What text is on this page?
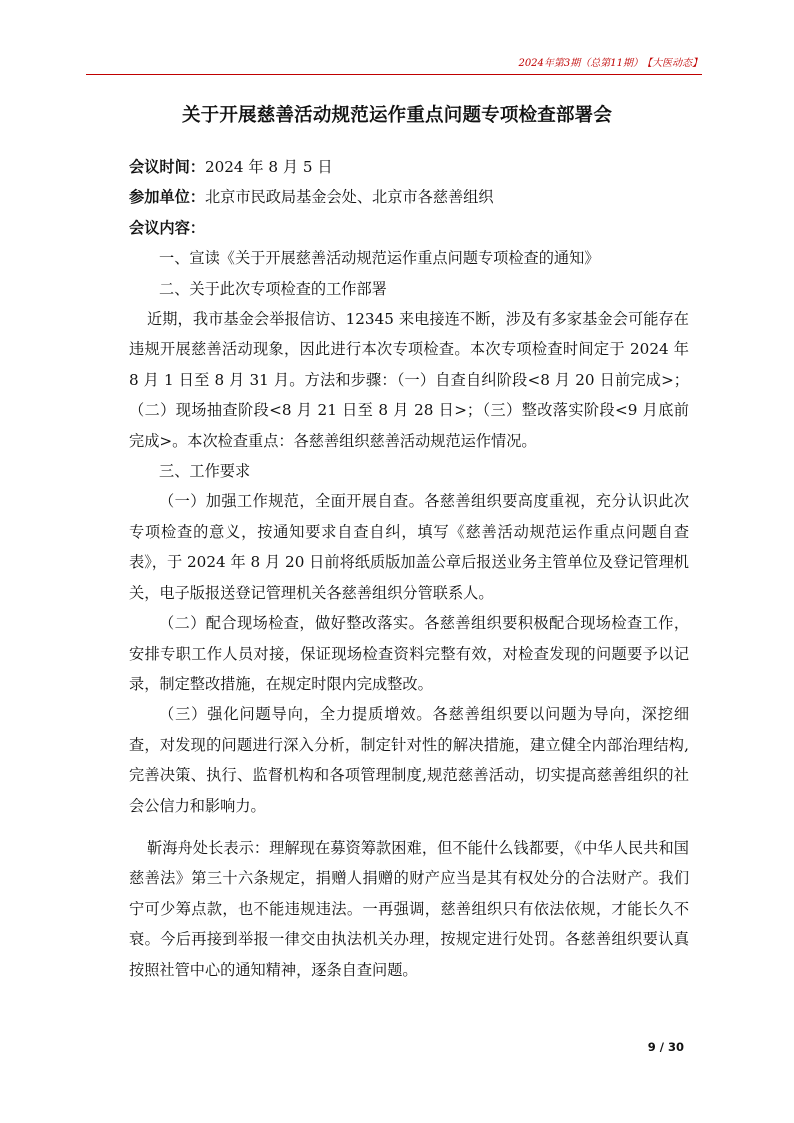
2024年第3期（总第11期） 【大医动态】
关于开展慈善活动规范运作重点问题专项检查部署会
会议时间：2024 年 8 月 5 日
参加单位：北京市民政局基金会处、北京市各慈善组织
会议内容：

一、宣读《关于开展慈善活动规范运作重点问题专项检查的通知》

二、关于此次专项检查的工作部署

近期，我市基金会举报信访、12345 来电接连不断，涉及有多家基金会可能存在违规开展慈善活动现象，因此进行本次专项检查。本次专项检查时间定于 2024 年 8 月 1 日至 8 月 31 月。方法和步骤：（一）自查自纠阶段<8 月 20 日前完成>；（二）现场抽查阶段<8 月 21 日至 8 月 28 日>；（三）整改落实阶段<9 月底前完成>。本次检查重点：各慈善组织慈善活动规范运作情况。

三、工作要求

（一）加强工作规范，全面开展自查。各慈善组织要高度重视，充分认识此次专项检查的意义，按通知要求自查自纠，填写《慈善活动规范运作重点问题自查表》，于 2024 年 8 月 20 日前将纸质版加盖公章后报送业务主管单位及登记管理机关，电子版报送登记管理机关各慈善组织分管联系人。

（二）配合现场检查，做好整改落实。各慈善组织要积极配合现场检查工作，安排专职工作人员对接，保证现场检查资料完整有效，对检查发现的问题要予以记录，制定整改措施，在规定时限内完成整改。

（三）强化问题导向，全力提质增效。各慈善组织要以问题为导向，深挖细查，对发现的问题进行深入分析，制定针对性的解决措施，建立健全内部治理结构,完善决策、执行、监督机构和各项管理制度,规范慈善活动，切实提高慈善组织的社会公信力和影响力。

靳海舟处长表示：理解现在募资筹款困难，但不能什么钱都要，《中华人民共和国慈善法》第三十六条规定，捐赠人捐赠的财产应当是其有权处分的合法财产。我们宁可少筹点款，也不能违规违法。一再强调，慈善组织只有依法依规，才能长久不衰。今后再接到举报一律交由执法机关办理，按规定进行处罚。各慈善组织要认真按照社管中心的通知精神，逐条自查问题。

9 / 30
